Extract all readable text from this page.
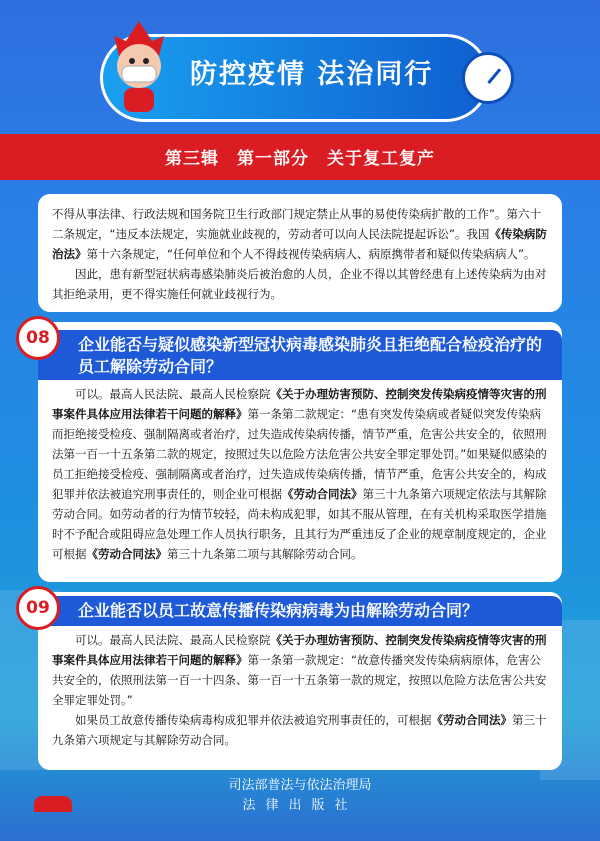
防控疫情 法治同行
第三辑　第一部分　关于复工复产

不得从事法律、行政法规和国务院卫生行政部门规定禁止从事的易使传染病扩散的工作”。第六十二条规定，“违反本法规定，实施就业歧视的，劳动者可以向人民法院提起诉讼”。我国《传染病防治法》第十六条规定，“任何单位和个人不得歧视传染病病人、病原携带者和疑似传染病病人”。

因此，患有新型冠状病毒感染肺炎后被治愈的人员，企业不得以其曾经患有上述传染病为由对其拒绝录用，更不得实施任何就业歧视行为。

企业能否与疑似感染新型冠状病毒感染肺炎且拒绝配合检疫治疗的员工解除劳动合同？

可以。最高人民法院、最高人民检察院《关于办理妨害预防、控制突发传染病疫情等灾害的刑事案件具体应用法律若干问题的解释》第一条第二款规定：“患有突发传染病或者疑似突发传染病而拒绝接受检疫、强制隔离或者治疗，过失造成传染病传播，情节严重，危害公共安全的，依照刑法第一百一十五条第二款的规定，按照过失以危险方法危害公共安全罪定罪处罚。”如果疑似感染的员工拒绝接受检疫、强制隔离或者治疗，过失造成传染病传播，情节严重，危害公共安全的，构成犯罪并依法被追究刑事责任的，则企业可根据《劳动合同法》第三十九条第六项规定依法与其解除劳动合同。如劳动者的行为情节较轻，尚未构成犯罪，如其不服从管理，在有关机构采取医学措施时不予配合或阻碍应急处理工作人员执行职务，且其行为严重违反了企业的规章制度规定的，企业可根据《劳动合同法》第三十九条第二项与其解除劳动合同。

08
企业能否以员工故意传播传染病病毒为由解除劳动合同？

可以。最高人民法院、最高人民检察院《关于办理妨害预防、控制突发传染病疫情等灾害的刑事案件具体应用法律若干问题的解释》第一条第一款规定：“故意传播突发传染病病原体，危害公共安全的，依照刑法第一百一十四条、第一百一十五条第一款的规定，按照以危险方法危害公共安全罪定罪处罚。”

如果员工故意传播传染病毒构成犯罪并依法被追究刑事责任的，可根据《劳动合同法》第三十九条第六项规定与其解除劳动合同。

09
司法部普法与依法治理局
法律出版社
